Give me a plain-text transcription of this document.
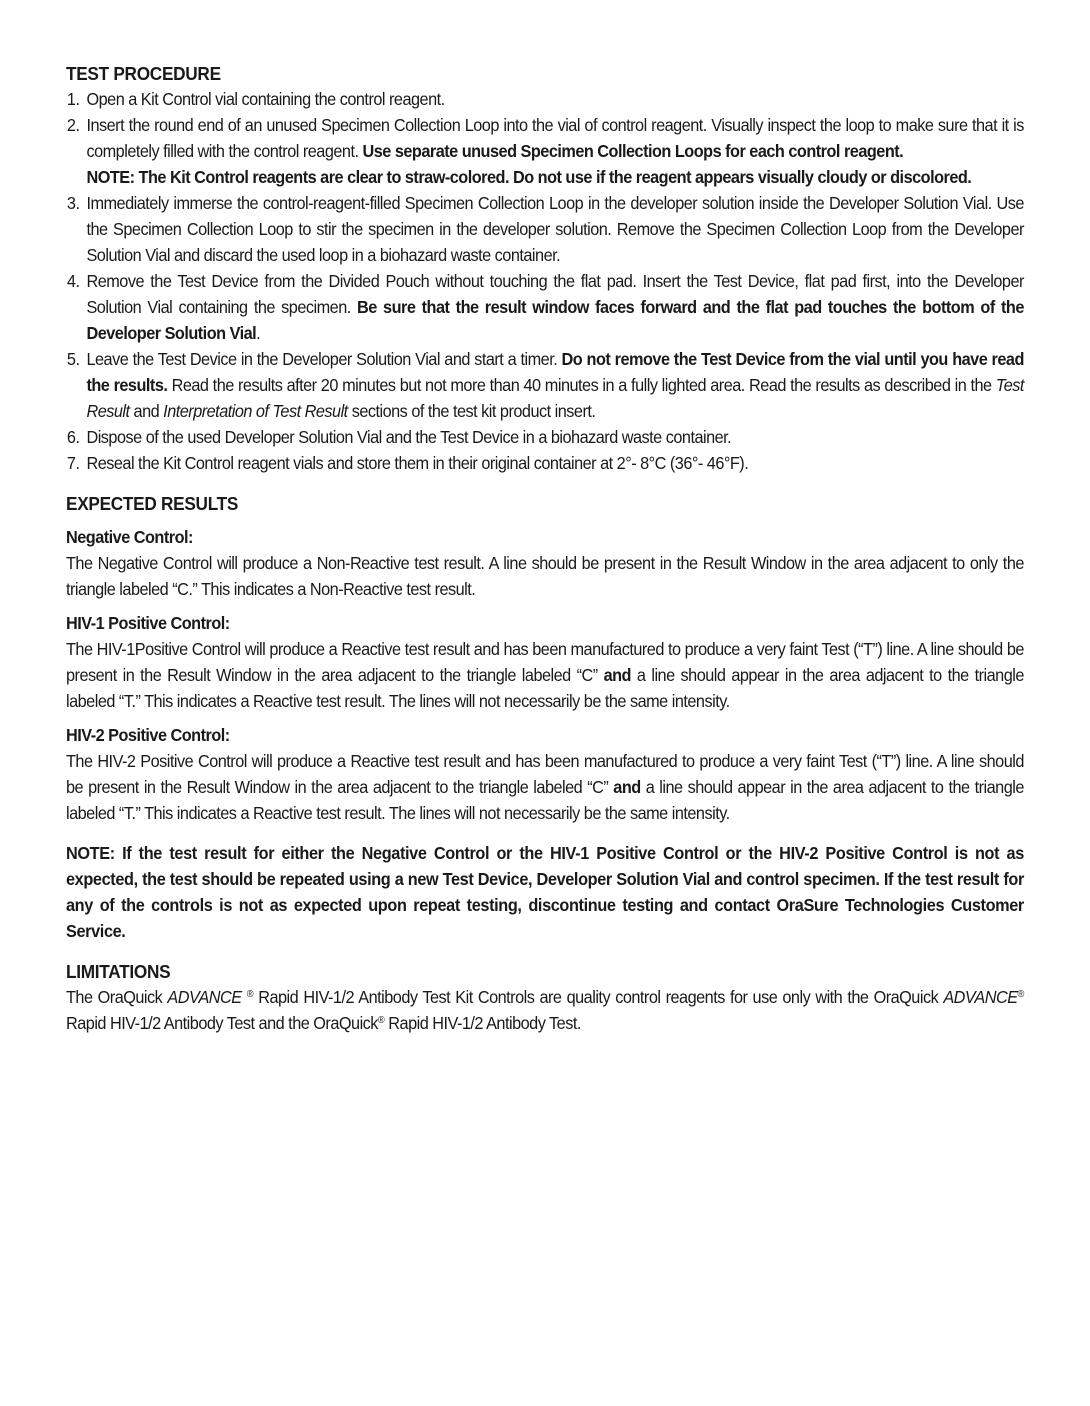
TEST PROCEDURE
1. Open a Kit Control vial containing the control reagent.
2. Insert the round end of an unused Specimen Collection Loop into the vial of control reagent. Visually inspect the loop to make sure that it is completely filled with the control reagent. Use separate unused Specimen Collection Loops for each control reagent.
NOTE: The Kit Control reagents are clear to straw-colored. Do not use if the reagent appears visually cloudy or discolored.
3. Immediately immerse the control-reagent-filled Specimen Collection Loop in the developer solution inside the Developer Solution Vial. Use the Specimen Collection Loop to stir the specimen in the developer solution. Remove the Specimen Collection Loop from the Developer Solution Vial and discard the used loop in a biohazard waste container.
4. Remove the Test Device from the Divided Pouch without touching the flat pad. Insert the Test Device, flat pad first, into the Developer Solution Vial containing the specimen. Be sure that the result window faces forward and the flat pad touches the bottom of the Developer Solution Vial.
5. Leave the Test Device in the Developer Solution Vial and start a timer. Do not remove the Test Device from the vial until you have read the results. Read the results after 20 minutes but not more than 40 minutes in a fully lighted area. Read the results as described in the Test Result and Interpretation of Test Result sections of the test kit product insert.
6. Dispose of the used Developer Solution Vial and the Test Device in a biohazard waste container.
7. Reseal the Kit Control reagent vials and store them in their original container at 2°- 8°C (36°- 46°F).
EXPECTED RESULTS
Negative Control:

The Negative Control will produce a Non-Reactive test result. A line should be present in the Result Window in the area adjacent to only the triangle labeled “C.” This indicates a Non-Reactive test result.

HIV-1 Positive Control:

The HIV-1Positive Control will produce a Reactive test result and has been manufactured to produce a very faint Test (“T”) line. A line should be present in the Result Window in the area adjacent to the triangle labeled “C” and a line should appear in the area adjacent to the triangle labeled “T.” This indicates a Reactive test result. The lines will not necessarily be the same intensity.

HIV-2 Positive Control:

The HIV-2 Positive Control will produce a Reactive test result and has been manufactured to produce a very faint Test (“T”) line. A line should be present in the Result Window in the area adjacent to the triangle labeled “C” and a line should appear in the area adjacent to the triangle labeled “T.” This indicates a Reactive test result. The lines will not necessarily be the same intensity.

NOTE: If the test result for either the Negative Control or the HIV-1 Positive Control or the HIV-2 Positive Control is not as expected, the test should be repeated using a new Test Device, Developer Solution Vial and control specimen. If the test result for any of the controls is not as expected upon repeat testing, discontinue testing and contact OraSure Technologies Customer Service.

LIMITATIONS

The OraQuick ADVANCE ® Rapid HIV-1/2 Antibody Test Kit Controls are quality control reagents for use only with the OraQuick ADVANCE® Rapid HIV-1/2 Antibody Test and the OraQuick® Rapid HIV-1/2 Antibody Test.
